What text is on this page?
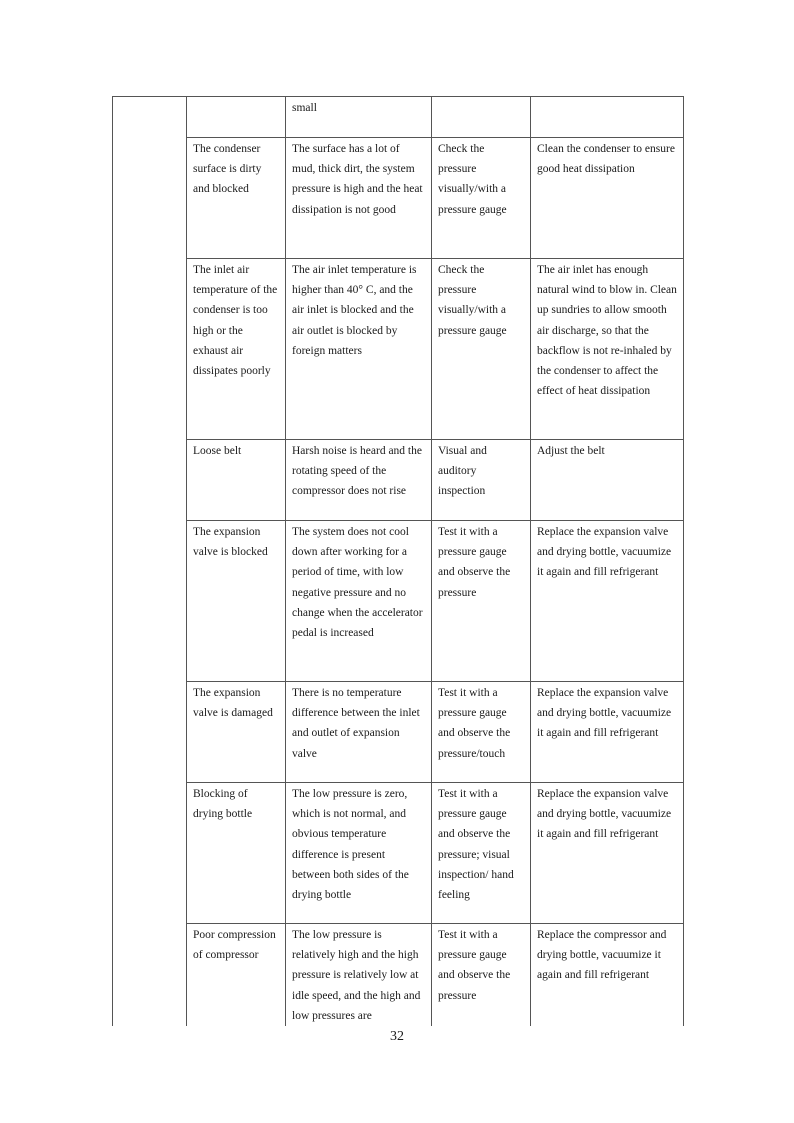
		small		

	The condenser surface is dirty and blocked	The surface has a lot of mud, thick dirt, the system pressure is high and the heat dissipation is not good	Check the pressure visually/with a pressure gauge	Clean the condenser to ensure good heat dissipation

	The inlet air temperature of the condenser is too high or the exhaust air dissipates poorly	The air inlet temperature is higher than 40° C, and the air inlet is blocked and the air outlet is blocked by foreign matters	Check the pressure visually/with a pressure gauge	The air inlet has enough natural wind to blow in. Clean up sundries to allow smooth air discharge, so that the backflow is not re-inhaled by the condenser to affect the effect of heat dissipation

	Loose belt	Harsh noise is heard and the rotating speed of the compressor does not rise	Visual and auditory inspection	Adjust the belt

	The expansion valve is blocked	The system does not cool down after working for a period of time, with low negative pressure and no change when the accelerator pedal is increased	Test it with a pressure gauge and observe the pressure	Replace the expansion valve and drying bottle, vacuumize it again and fill refrigerant

	The expansion valve is damaged	There is no temperature difference between the inlet and outlet of expansion valve	Test it with a pressure gauge and observe the pressure/touch	Replace the expansion valve and drying bottle, vacuumize it again and fill refrigerant

	Blocking of drying bottle	The low pressure is zero, which is not normal, and obvious temperature difference is present between both sides of the drying bottle	Test it with a pressure gauge and observe the pressure; visual inspection/ hand feeling	Replace the expansion valve and drying bottle, vacuumize it again and fill refrigerant

	Poor compression of compressor	The low pressure is relatively high and the high pressure is relatively low at idle speed, and the high and low pressures are	Test it with a pressure gauge and observe the pressure	Replace the compressor and drying bottle, vacuumize it again and fill refrigerant
32
